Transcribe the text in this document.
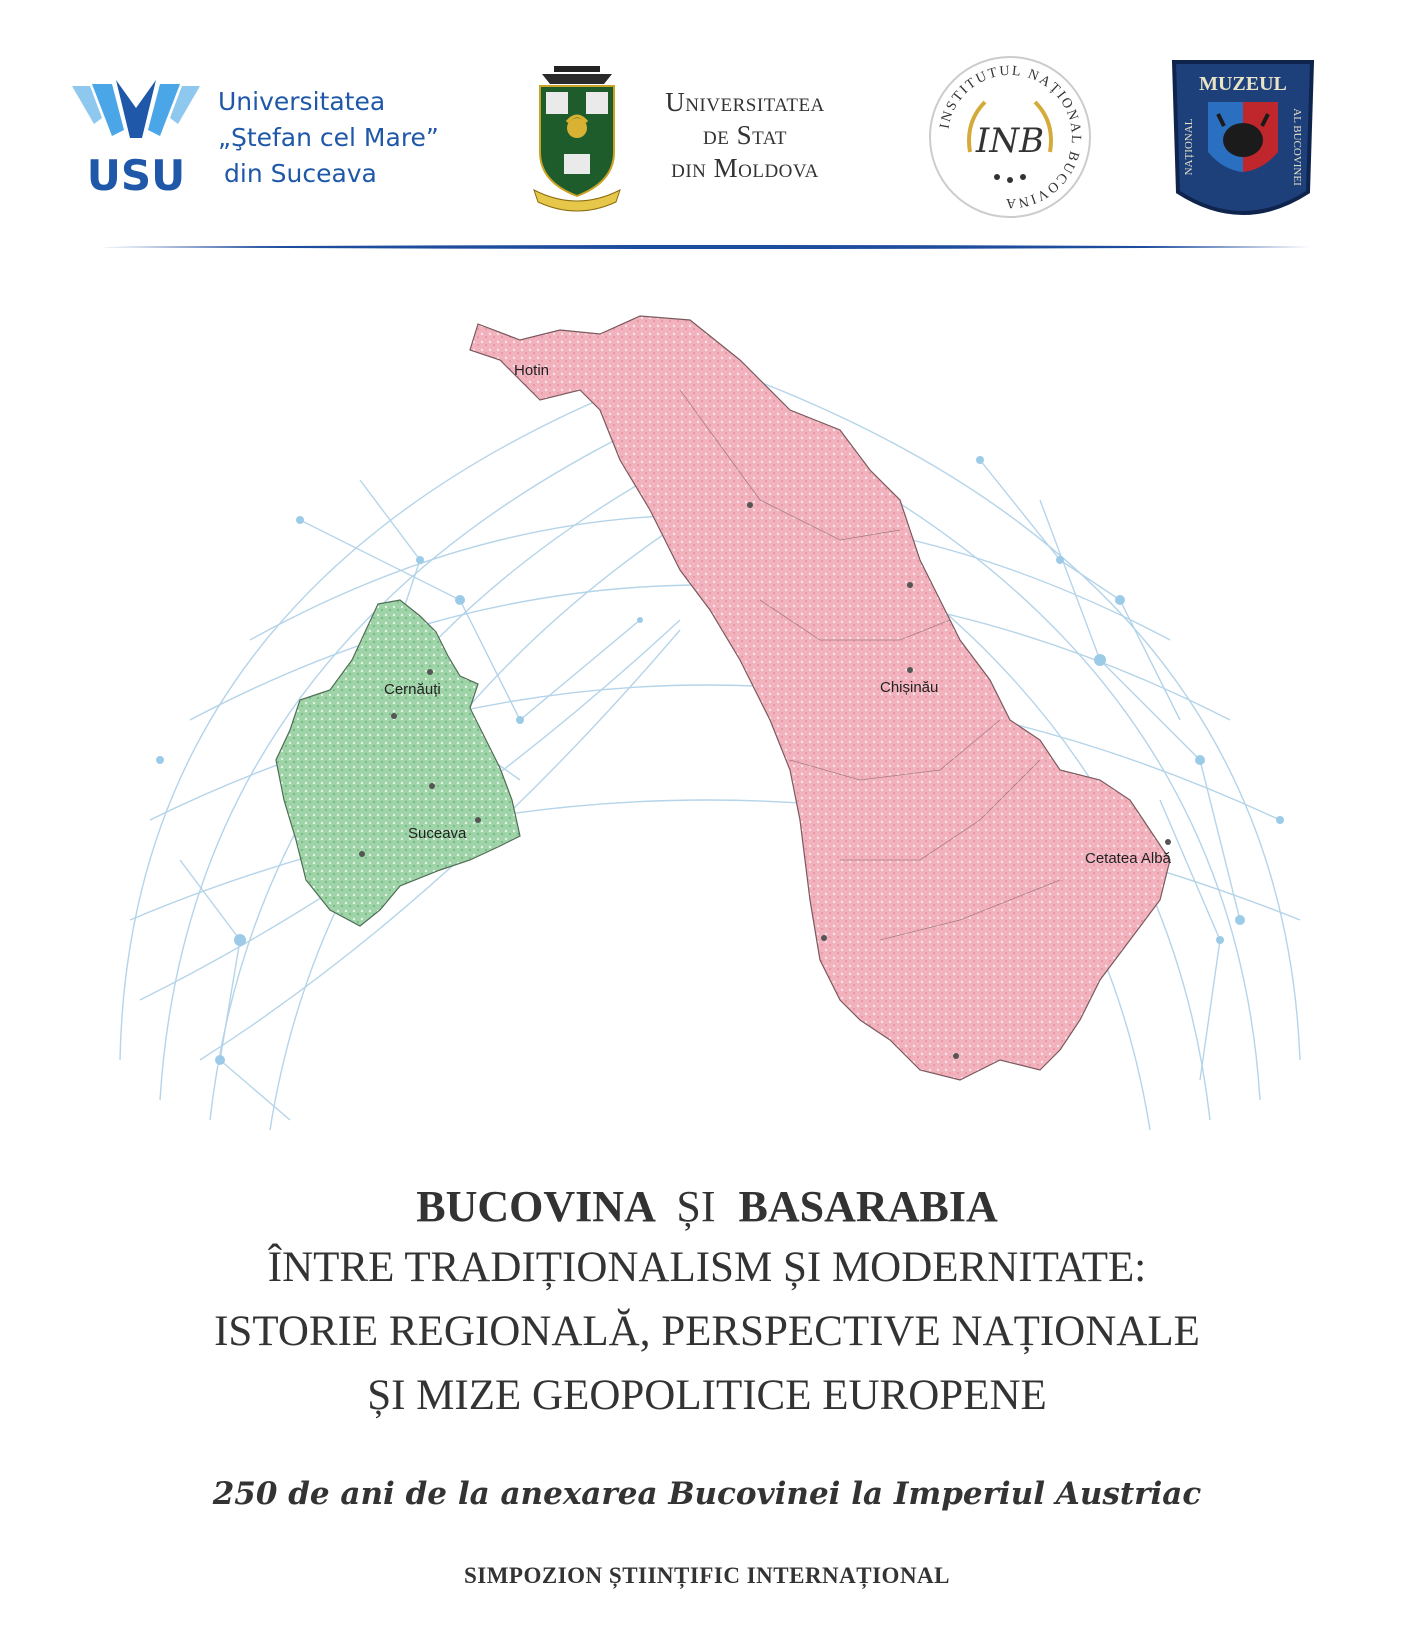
USU
Universitatea
„Ştefan cel Mare”
din Suceava
Universitatea
de Stat
din Moldova
INSTITUTUL NAȚIONAL BUCOVINA
INB
MUZEUL
NAȚIONAL	AL BUCOVINEI
Hotin
Chișinău
Cetatea Albă
Cernăuți
Suceava
BUCOVINA ȘI BASARABIA
ÎNTRE TRADIȚIONALISM ȘI MODERNITATE:
ISTORIE REGIONALĂ, PERSPECTIVE NAȚIONALE
ȘI MIZE GEOPOLITICE EUROPENE
250 de ani de la anexarea Bucovinei la Imperiul Austriac
SIMPOZION ȘTIINȚIFIC INTERNAȚIONAL
